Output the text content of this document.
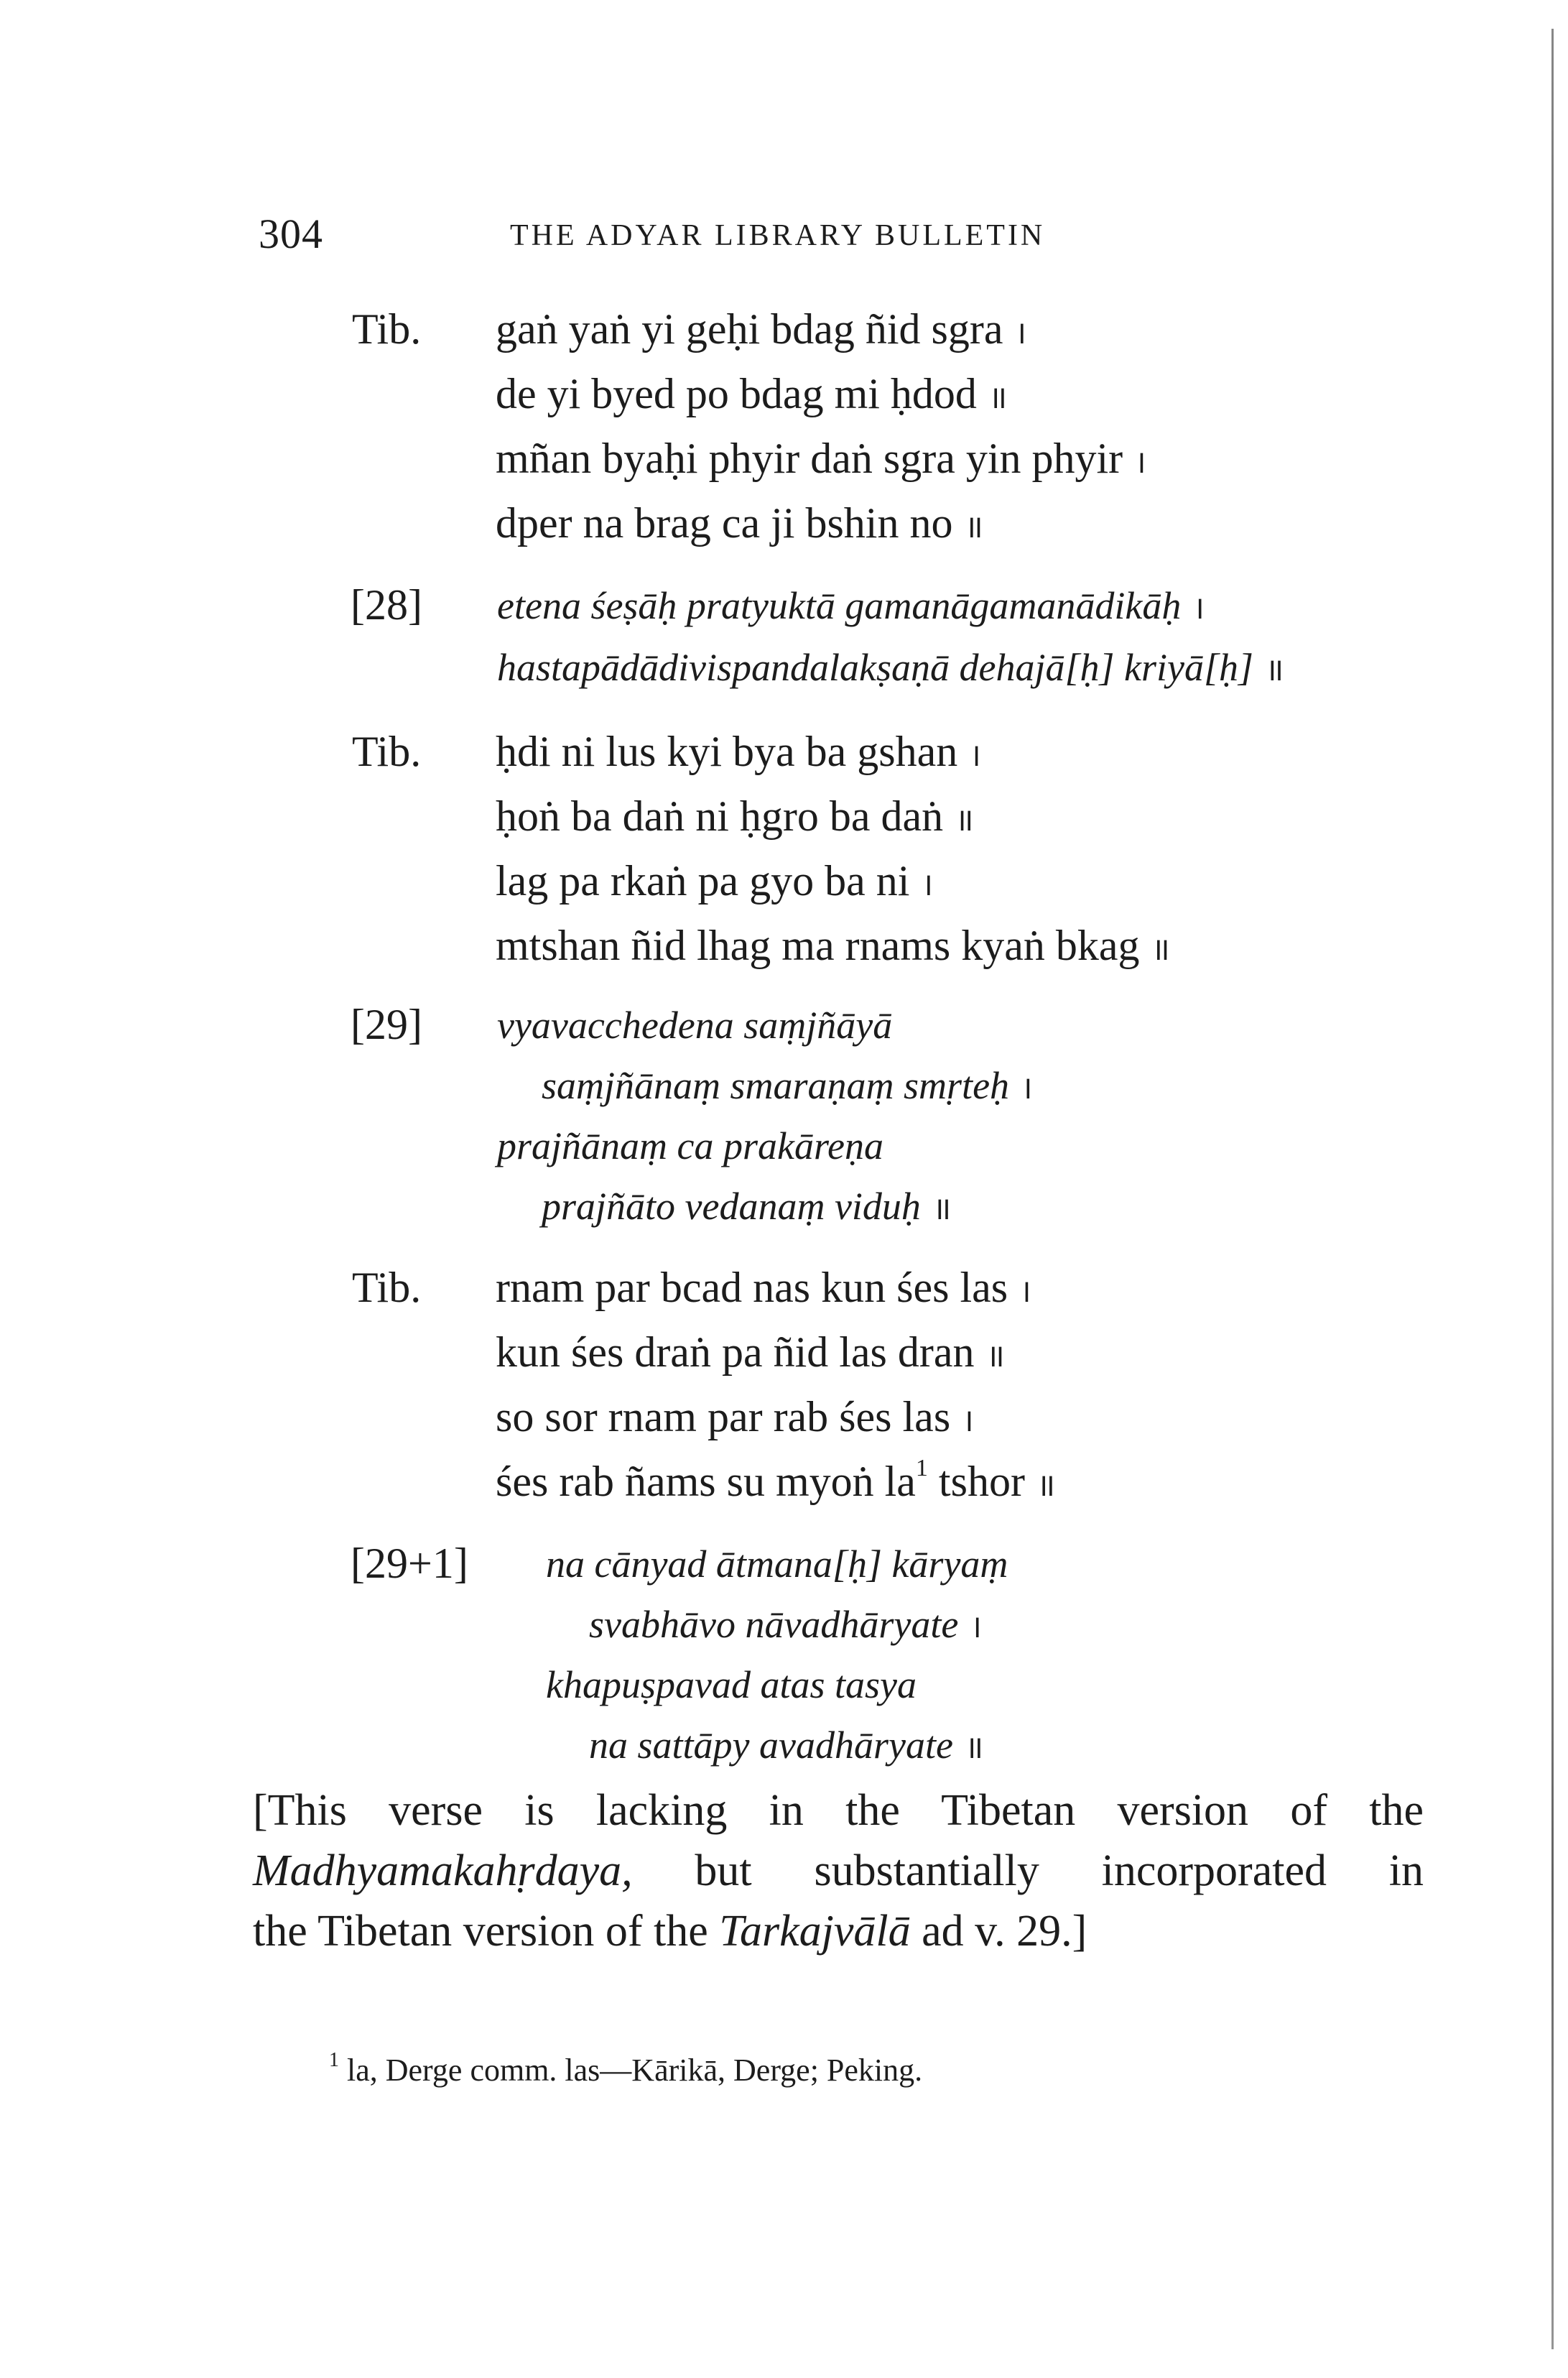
304	THE ADYAR LIBRARY BULLETIN
Tib. gaṅ yaṅ yi geḥi bdag ñid sgra ।
de yi byed po bdag mi ḥdod ॥
mñan byaḥi phyir daṅ sgra yin phyir ।
dper na brag ca ji bshin no ॥
[28] etena śeṣāḥ pratyuktā gamanāgamanādikāḥ ।
hastapādādivispandalakṣaṇā dehajā[ḥ] kriyā[ḥ] ॥
Tib. ḥdi ni lus kyi bya ba gshan ।
ḥoṅ ba daṅ ni ḥgro ba daṅ ॥
lag pa rkaṅ pa gyo ba ni ।
mtshan ñid lhag ma rnams kyaṅ bkag ॥
[29] vyavacchedena saṃjñāyā
saṃjñānaṃ smaraṇaṃ smṛteḥ ।
prajñānaṃ ca prakāreṇa
prajñāto vedanaṃ viduḥ ॥
Tib. rnam par bcad nas kun śes las ।
kun śes draṅ pa ñid las dran ॥
so sor rnam par rab śes las ।
śes rab ñams su myoṅ $la^1$ tshor ॥
[29+1] na cānyad ātmana[ḥ] kāryaṃ
svabhāvo nāvadhāryate ।
khapuṣpavad atas tasya
na sattāpy avadhāryate ॥
[This verse is lacking in the Tibetan version of the
Madhyamakahṛdaya, but substantially incorporated in
the Tibetan version of the Tarkajvālā ad v. 29.]
$^1$ la, Derge comm. las—Kārikā, Derge; Peking.
